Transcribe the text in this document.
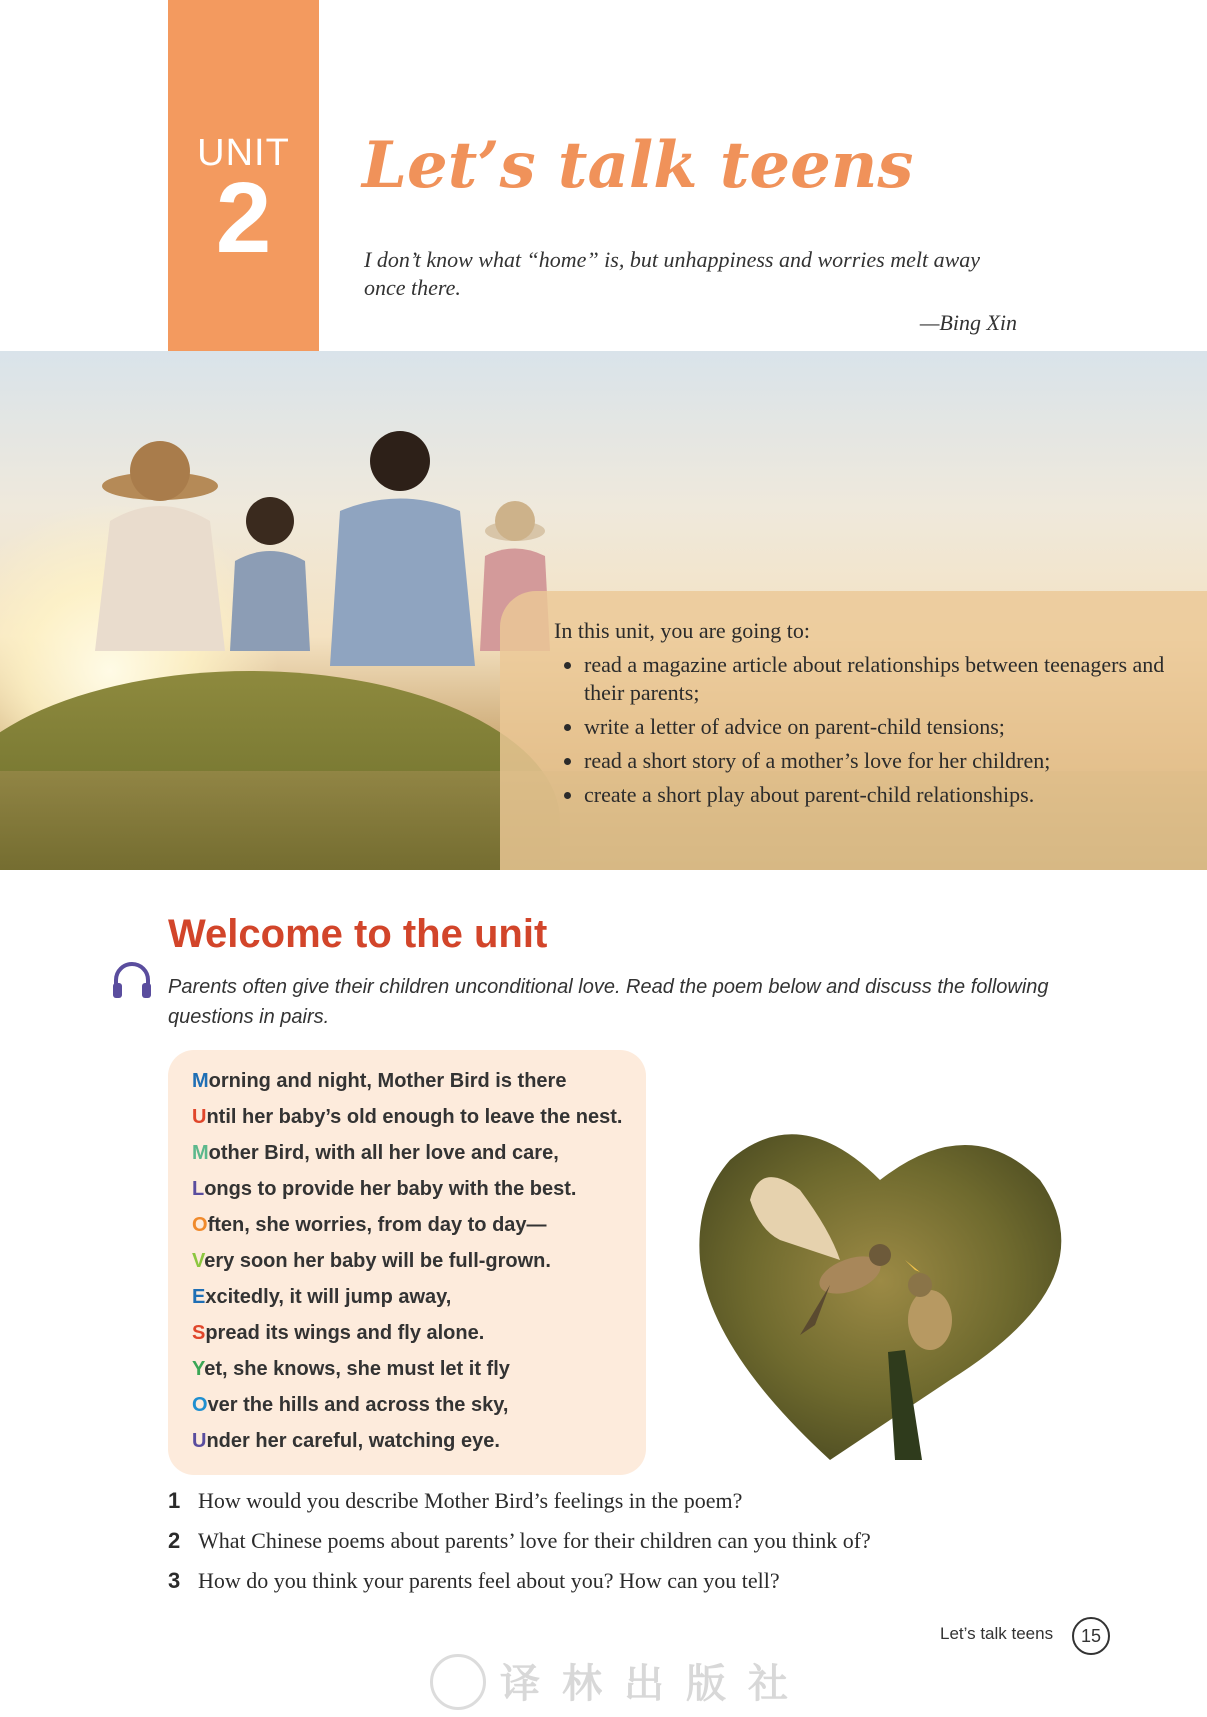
UNIT
2	Let’s talk teens
I don’t know what “home” is, but unhappiness and worries melt away once there.
—Bing Xin

In this unit, you are going to:

• read a magazine article about relationships between teenagers and their parents;
• write a letter of advice on parent-child tensions;
• read a short story of a mother’s love for her children;
• create a short play about parent-child relationships.
Welcome to the unit
Parents often give their children unconditional love. Read the poem below and discuss the following questions in pairs.
Morning and night, Mother Bird is there
Until her baby’s old enough to leave the nest.
Mother Bird, with all her love and care,
Longs to provide her baby with the best.
Often, she worries, from day to day—
Very soon her baby will be full-grown.
Excitedly, it will jump away,
Spread its wings and fly alone.
Yet, she knows, she must let it fly
Over the hills and across the sky,
Under her careful, watching eye.
1 How would you describe Mother Bird’s feelings in the poem?
2 What Chinese poems about parents’ love for their children can you think of?
3 How do you think your parents feel about you? How can you tell?
Let’s talk teens	15
译林出版社
